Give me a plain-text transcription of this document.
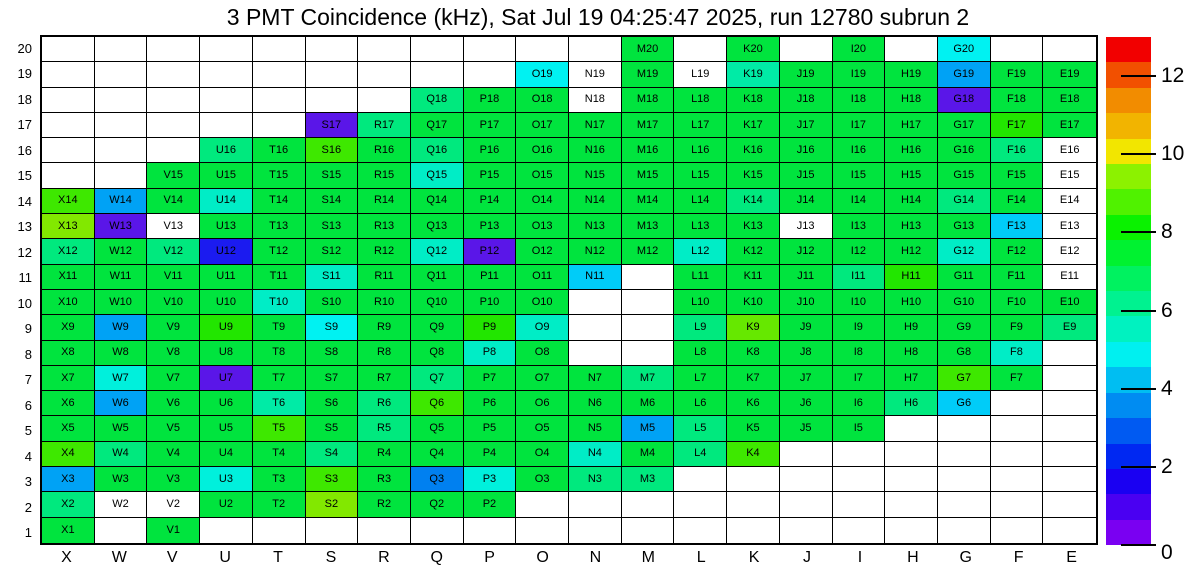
3 PMT Coincidence (kHz), Sat Jul 19 04:25:47 2025, run 12780 subrun 2
M20	K20	I20	G20
O19	N19	M19	L19	K19	J19	I19	H19	G19	F19	E19
Q18	P18	O18	N18	M18	L18	K18	J18	I18	H18	G18	F18	E18
S17	R17	Q17	P17	O17	N17	M17	L17	K17	J17	I17	H17	G17	F17	E17
U16	T16	S16	R16	Q16	P16	O16	N16	M16	L16	K16	J16	I16	H16	G16	F16	E16
V15	U15	T15	S15	R15	Q15	P15	O15	N15	M15	L15	K15	J15	I15	H15	G15	F15	E15
X14	W14	V14	U14	T14	S14	R14	Q14	P14	O14	N14	M14	L14	K14	J14	I14	H14	G14	F14	E14
X13	W13	V13	U13	T13	S13	R13	Q13	P13	O13	N13	M13	L13	K13	J13	I13	H13	G13	F13	E13
X12	W12	V12	U12	T12	S12	R12	Q12	P12	O12	N12	M12	L12	K12	J12	I12	H12	G12	F12	E12
X11	W11	V11	U11	T11	S11	R11	Q11	P11	O11	N11	L11	K11	J11	I11	H11	G11	F11	E11
X10	W10	V10	U10	T10	S10	R10	Q10	P10	O10	L10	K10	J10	I10	H10	G10	F10	E10
X9	W9	V9	U9	T9	S9	R9	Q9	P9	O9	L9	K9	J9	I9	H9	G9	F9	E9
X8	W8	V8	U8	T8	S8	R8	Q8	P8	O8	L8	K8	J8	I8	H8	G8	F8
X7	W7	V7	U7	T7	S7	R7	Q7	P7	O7	N7	M7	L7	K7	J7	I7	H7	G7	F7
X6	W6	V6	U6	T6	S6	R6	Q6	P6	O6	N6	M6	L6	K6	J6	I6	H6	G6
X5	W5	V5	U5	T5	S5	R5	Q5	P5	O5	N5	M5	L5	K5	J5	I5
X4	W4	V4	U4	T4	S4	R4	Q4	P4	O4	N4	M4	L4	K4
X3	W3	V3	U3	T3	S3	R3	Q3	P3	O3	N3	M3
X2	W2	V2	U2	T2	S2	R2	Q2	P2
X1	V1
20
19
18
17
16
15
14
13
12
11
10
9
8
7
6
5
4
3
2
1
X	W	V	U	T	S	R	Q	P	O	N	M	L	K	J	I	H	G	F	E	0
2
4
6
8
10
12
